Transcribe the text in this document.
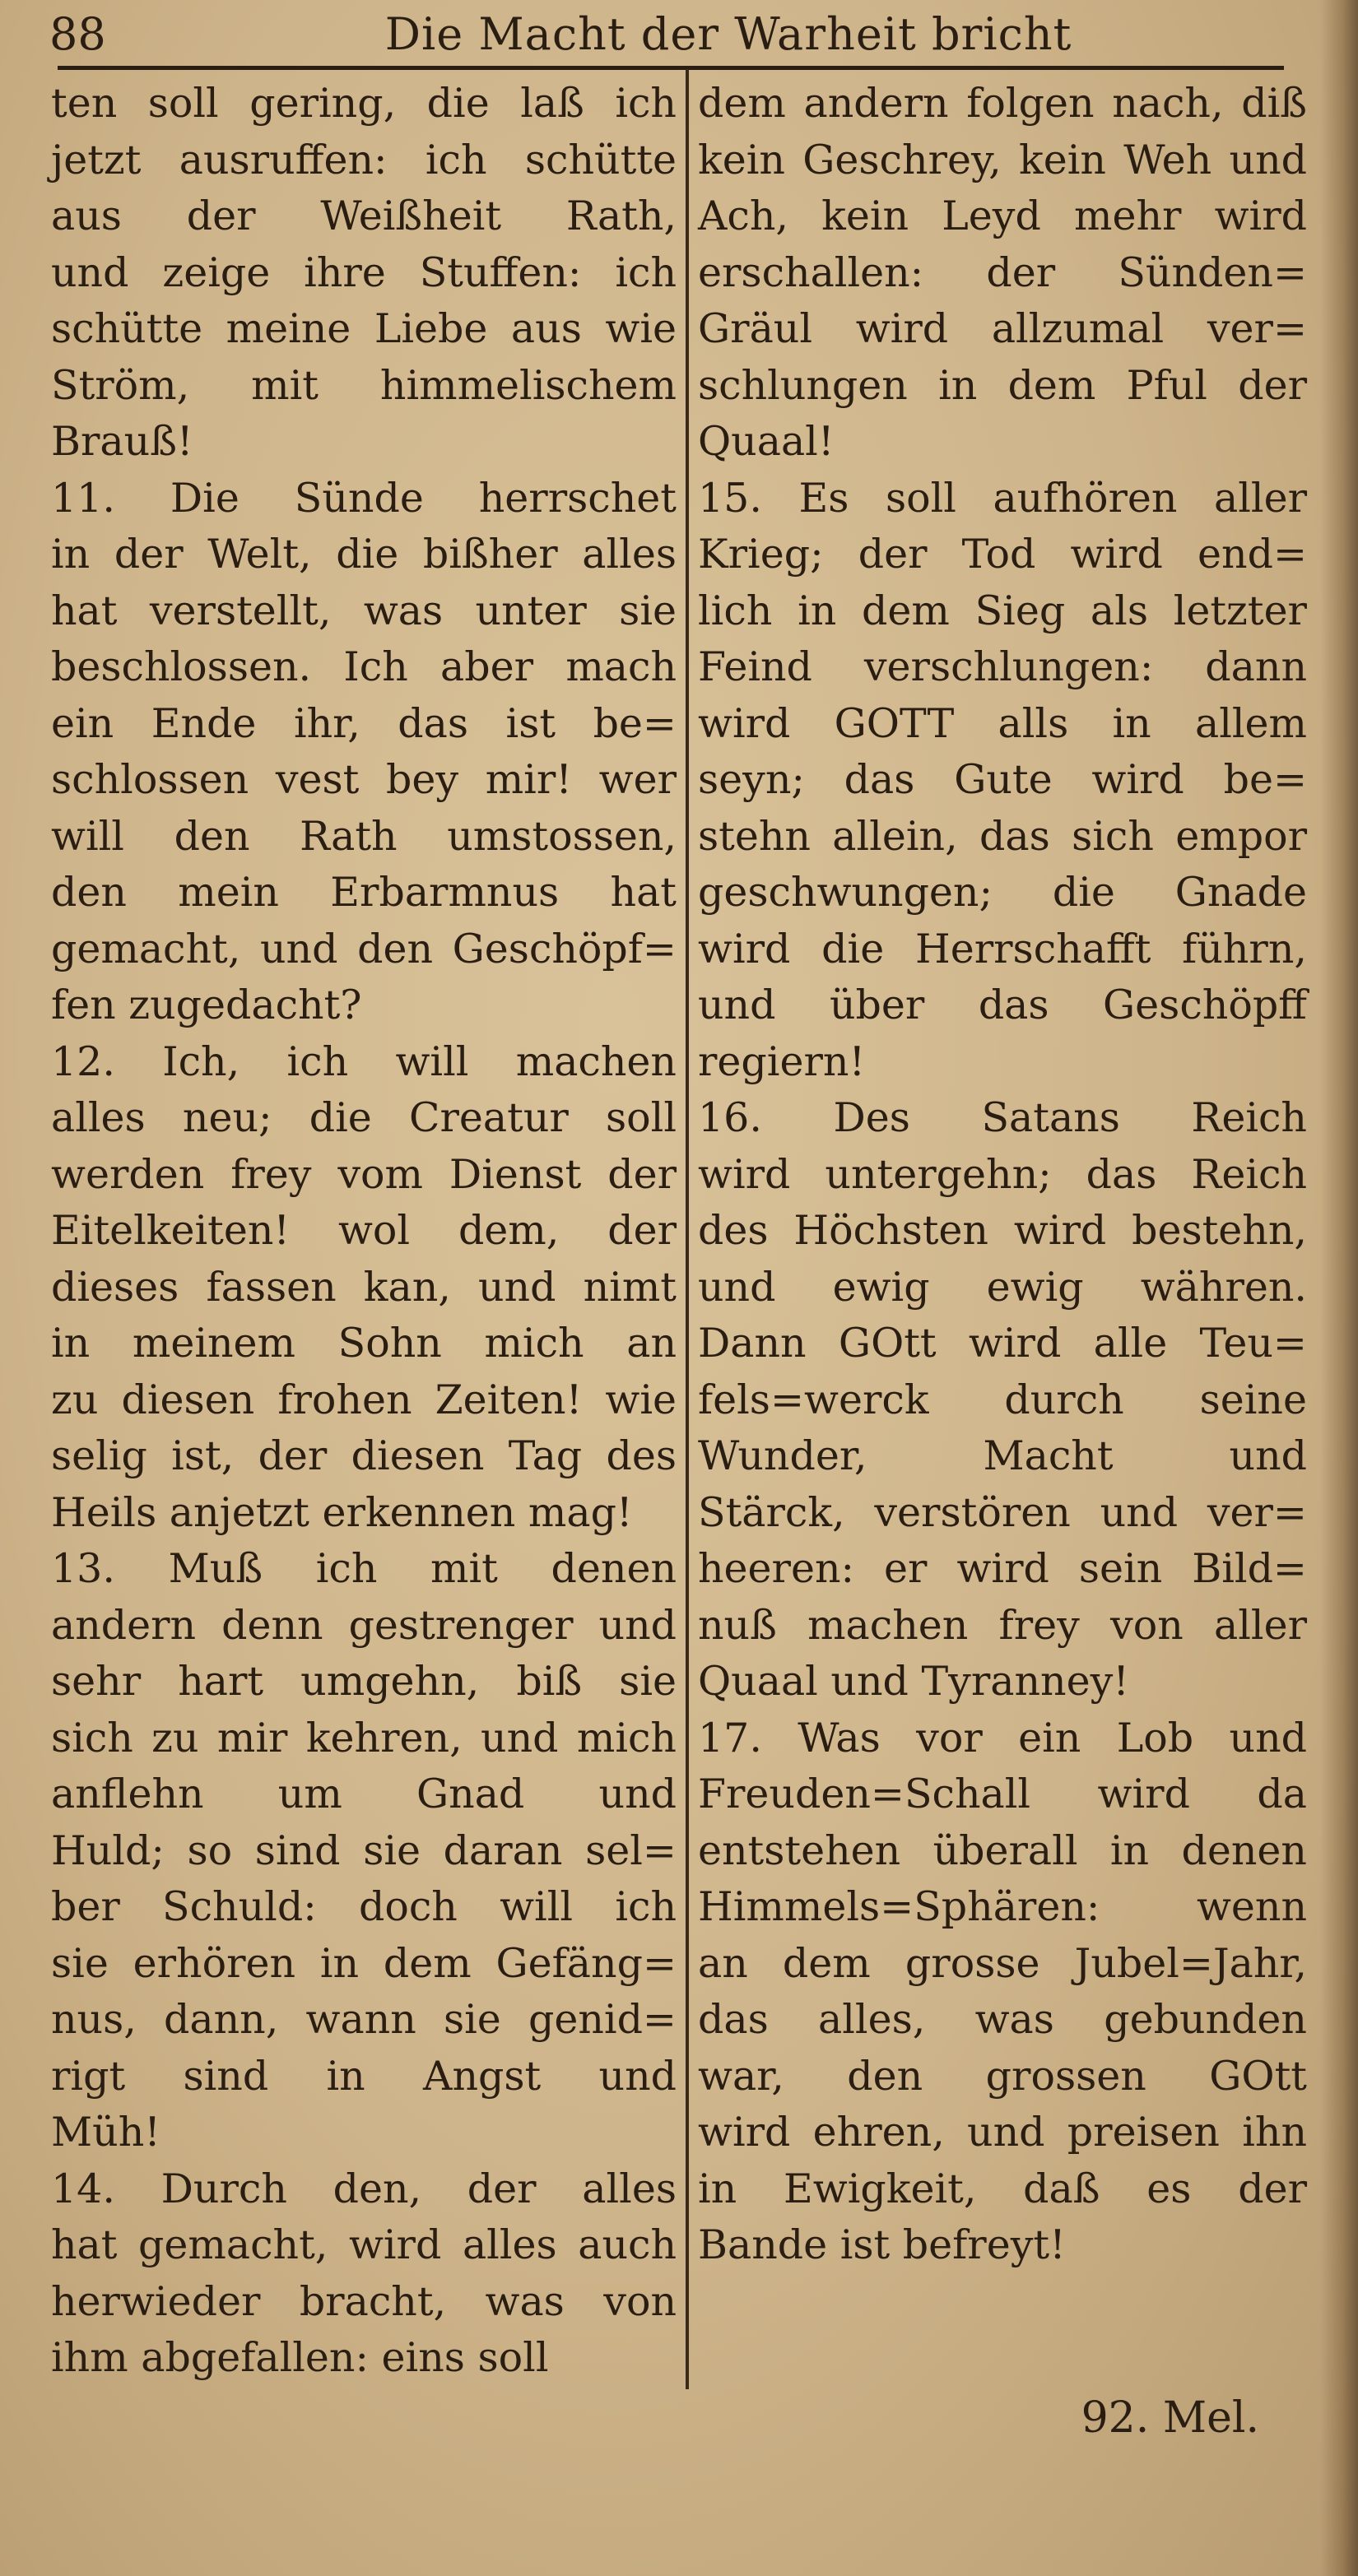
88	Die Macht der Warheit bricht
ten soll gering, die laß ich
jetzt ausruffen: ich schütte
aus der Weißheit Rath,
und zeige ihre Stuffen: ich
schütte meine Liebe aus wie
Ström, mit himmelischem
Brauß!
11. Die Sünde herrschet
in der Welt, die bißher alles
hat verstellt, was unter sie
beschlossen. Ich aber mach
ein Ende ihr, das ist be=
schlossen vest bey mir! wer
will den Rath umstossen,
den mein Erbarmnus hat
gemacht, und den Geschöpf=
fen zugedacht?
12. Ich, ich will machen
alles neu; die Creatur soll
werden frey vom Dienst der
Eitelkeiten! wol dem, der
dieses fassen kan, und nimt
in meinem Sohn mich an
zu diesen frohen Zeiten! wie
selig ist, der diesen Tag des
Heils anjetzt erkennen mag!
13. Muß ich mit denen
andern denn gestrenger und
sehr hart umgehn, biß sie
sich zu mir kehren, und mich
anflehn um Gnad und
Huld; so sind sie daran sel=
ber Schuld: doch will ich
sie erhören in dem Gefäng=
nus, dann, wann sie genid=
rigt sind in Angst und
Müh!
14. Durch den, der alles
hat gemacht, wird alles auch
herwieder bracht, was von
ihm abgefallen: eins soll
dem andern folgen nach, diß
kein Geschrey, kein Weh und
Ach, kein Leyd mehr wird
erschallen: der Sünden=
Gräul wird allzumal ver=
schlungen in dem Pful der
Quaal!
15. Es soll aufhören aller
Krieg; der Tod wird end=
lich in dem Sieg als letzter
Feind verschlungen: dann
wird GOTT alls in allem
seyn; das Gute wird be=
stehn allein, das sich empor
geschwungen; die Gnade
wird die Herrschafft führn,
und über das Geschöpff
regiern!
16. Des Satans Reich
wird untergehn; das Reich
des Höchsten wird bestehn,
und ewig ewig währen.
Dann GOtt wird alle Teu=
fels=werck durch seine
Wunder, Macht und
Stärck, verstören und ver=
heeren: er wird sein Bild=
nuß machen frey von aller
Quaal und Tyranney!
17. Was vor ein Lob und
Freuden=Schall wird da
entstehen überall in denen
Himmels=Sphären: wenn
an dem grosse Jubel=Jahr,
das alles, was gebunden
war, den grossen GOtt
wird ehren, und preisen ihn
in Ewigkeit, daß es der
Bande ist befreyt!
92. Mel.
